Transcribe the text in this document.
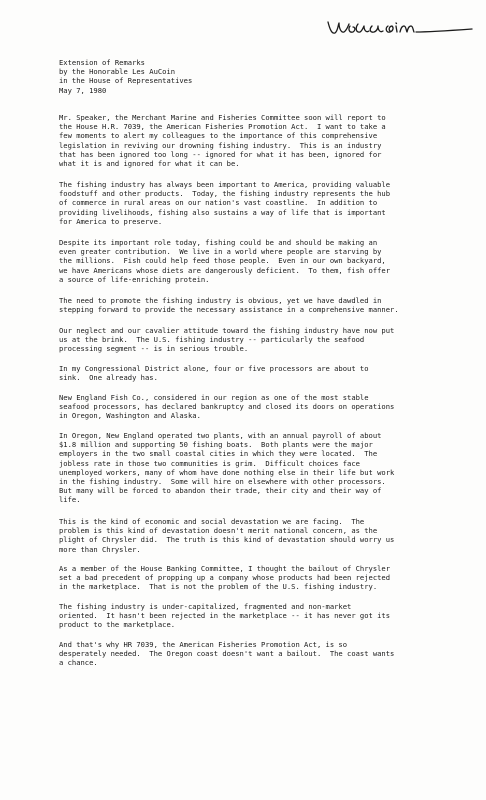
Extension of Remarks
by the Honorable Les AuCoin
in the House of Representatives
May 7, 1980
Mr. Speaker, the Merchant Marine and Fisheries Committee soon will report to
the House H.R. 7039, the American Fisheries Promotion Act.  I want to take a
few moments to alert my colleagues to the importance of this comprehensive
legislation in reviving our drowning fishing industry.  This is an industry
that has been ignored too long -- ignored for what it has been, ignored for
what it is and ignored for what it can be.
The fishing industry has always been important to America, providing valuable
foodstuff and other products.  Today, the fishing industry represents the hub
of commerce in rural areas on our nation's vast coastline.  In addition to
providing livelihoods, fishing also sustains a way of life that is important
for America to preserve.
Despite its important role today, fishing could be and should be making an
even greater contribution.  We live in a world where people are starving by
the millions.  Fish could help feed those people.  Even in our own backyard,
we have Americans whose diets are dangerously deficient.  To them, fish offer
a source of life-enriching protein.
The need to promote the fishing industry is obvious, yet we have dawdled in
stepping forward to provide the necessary assistance in a comprehensive manner.
Our neglect and our cavalier attitude toward the fishing industry have now put
us at the brink.  The U.S. fishing industry -- particularly the seafood
processing segment -- is in serious trouble.
In my Congressional District alone, four or five processors are about to
sink.  One already has.
New England Fish Co., considered in our region as one of the most stable
seafood processors, has declared bankruptcy and closed its doors on operations
in Oregon, Washington and Alaska.
In Oregon, New England operated two plants, with an annual payroll of about
$1.8 million and supporting 50 fishing boats.  Both plants were the major
employers in the two small coastal cities in which they were located.  The
jobless rate in those two communities is grim.  Difficult choices face
unemployed workers, many of whom have done nothing else in their life but work
in the fishing industry.  Some will hire on elsewhere with other processors.
But many will be forced to abandon their trade, their city and their way of
life.
This is the kind of economic and social devastation we are facing.  The
problem is this kind of devastation doesn't merit national concern, as the
plight of Chrysler did.  The truth is this kind of devastation should worry us
more than Chrysler.
As a member of the House Banking Committee, I thought the bailout of Chrysler
set a bad precedent of propping up a company whose products had been rejected
in the marketplace.  That is not the problem of the U.S. fishing industry.
The fishing industry is under-capitalized, fragmented and non-market
oriented.  It hasn't been rejected in the marketplace -- it has never got its
product to the marketplace.
And that's why HR 7039, the American Fisheries Promotion Act, is so
desperately needed.  The Oregon coast doesn't want a bailout.  The coast wants
a chance.
